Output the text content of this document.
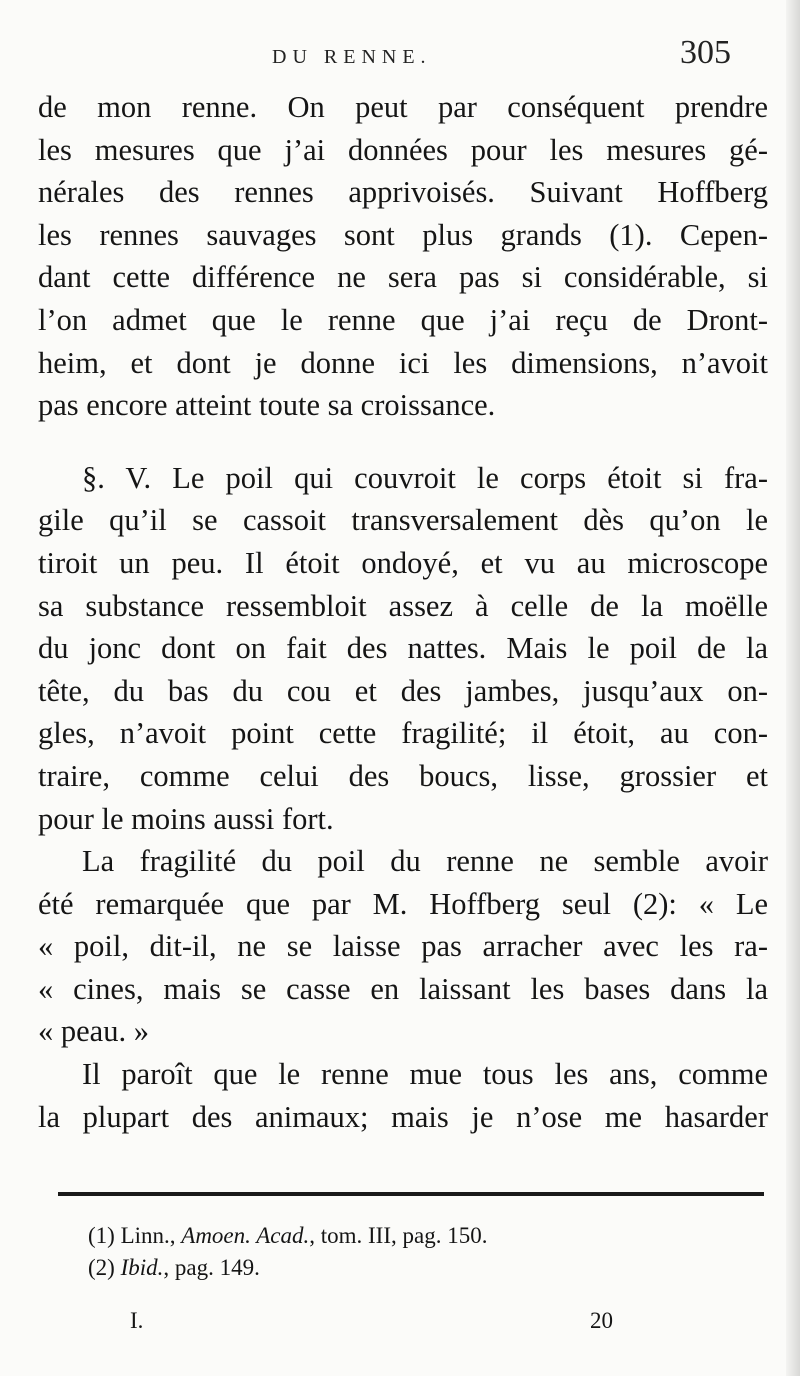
DU RENNE.	305
de mon renne. On peut par conséquent prendre
les mesures que j’ai données pour les mesures gé-
nérales des rennes apprivoisés. Suivant Hoffberg
les rennes sauvages sont plus grands (1). Cepen-
dant cette différence ne sera pas si considérable, si
l’on admet que le renne que j’ai reçu de Dront-
heim, et dont je donne ici les dimensions, n’avoit
pas encore atteint toute sa croissance.
§. V. Le poil qui couvroit le corps étoit si fra-
gile qu’il se cassoit transversalement dès qu’on le
tiroit un peu. Il étoit ondoyé, et vu au microscope
sa substance ressembloit assez à celle de la moëlle
du jonc dont on fait des nattes. Mais le poil de la
tête, du bas du cou et des jambes, jusqu’aux on-
gles, n’avoit point cette fragilité; il étoit, au con-
traire, comme celui des boucs, lisse, grossier et
pour le moins aussi fort.
La fragilité du poil du renne ne semble avoir
été remarquée que par M. Hoffberg seul (2): « Le
« poil, dit-il, ne se laisse pas arracher avec les ra-
« cines, mais se casse en laissant les bases dans la
« peau. »
Il paroît que le renne mue tous les ans, comme
la plupart des animaux; mais je n’ose me hasarder
(1) Linn., Amoen. Acad., tom. III, pag. 150.
(2) Ibid., pag. 149.
I.	20
